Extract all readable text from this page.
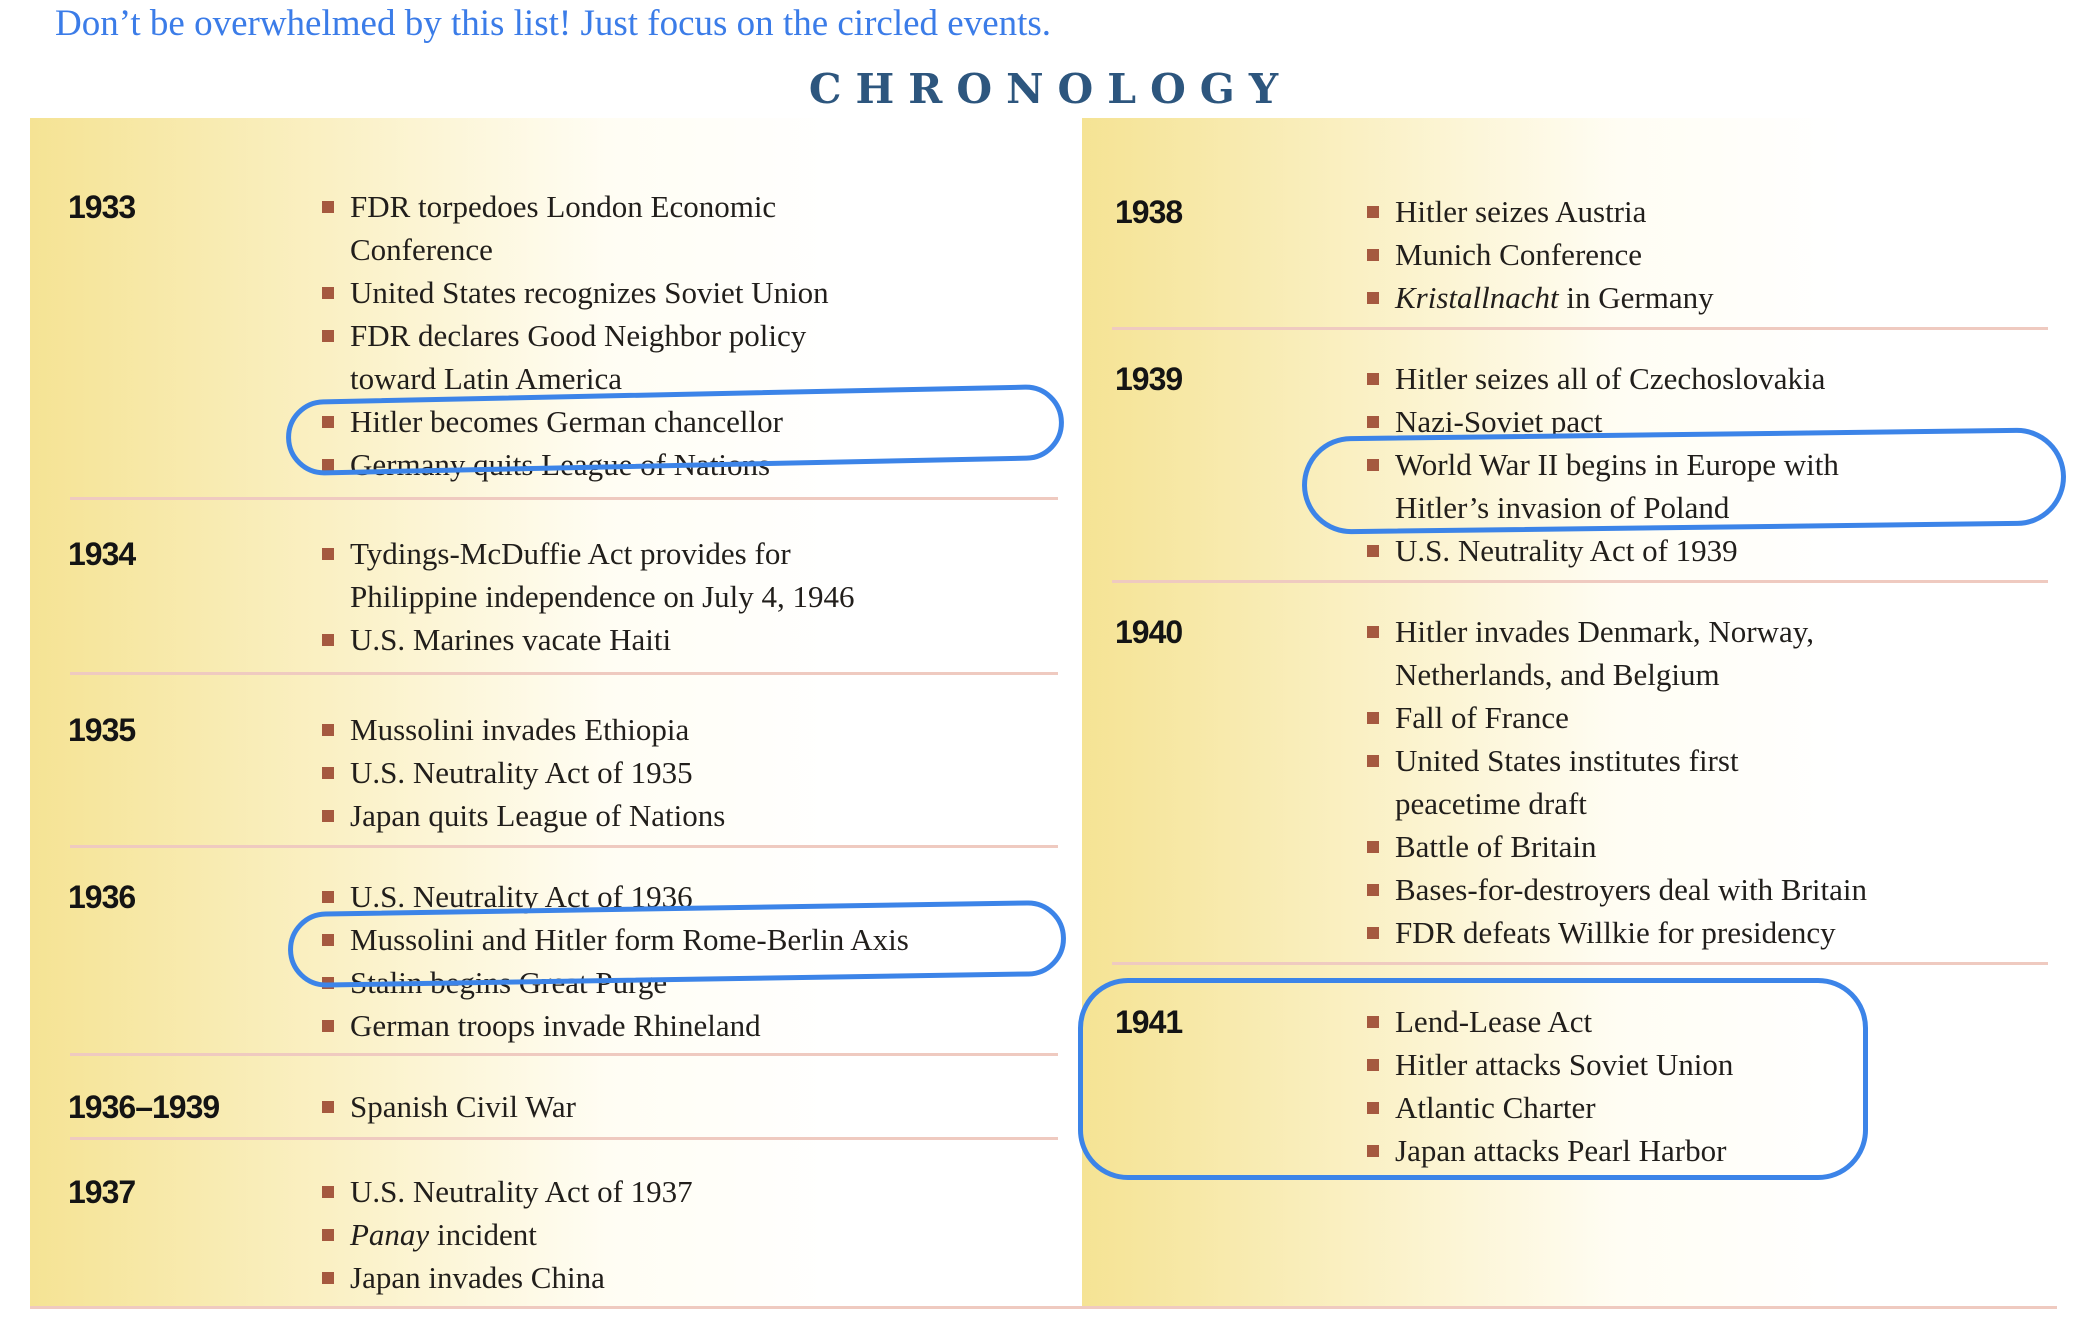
Don’t be overwhelmed by this list! Just focus on the circled events.
CHRONOLOGY
1933	FDR torpedoes London Economic
Conference
United States recognizes Soviet Union
FDR declares Good Neighbor policy
toward Latin America
Hitler becomes German chancellor
Germany quits League of Nations
1934	Tydings-McDuffie Act provides for
Philippine independence on July 4, 1946
U.S. Marines vacate Haiti
1935	Mussolini invades Ethiopia
U.S. Neutrality Act of 1935
Japan quits League of Nations
1936	U.S. Neutrality Act of 1936
Mussolini and Hitler form Rome-Berlin Axis
Stalin begins Great Purge
German troops invade Rhineland
1936–1939	Spanish Civil War
1937	U.S. Neutrality Act of 1937
Panay incident
Japan invades China
1938	Hitler seizes Austria
Munich Conference
Kristallnacht in Germany
1939	Hitler seizes all of Czechoslovakia
Nazi-Soviet pact
World War II begins in Europe with
Hitler’s invasion of Poland
U.S. Neutrality Act of 1939
1940	Hitler invades Denmark, Norway,
Netherlands, and Belgium
Fall of France
United States institutes first
peacetime draft
Battle of Britain
Bases-for-destroyers deal with Britain
FDR defeats Willkie for presidency
1941	Lend-Lease Act
Hitler attacks Soviet Union
Atlantic Charter
Japan attacks Pearl Harbor
